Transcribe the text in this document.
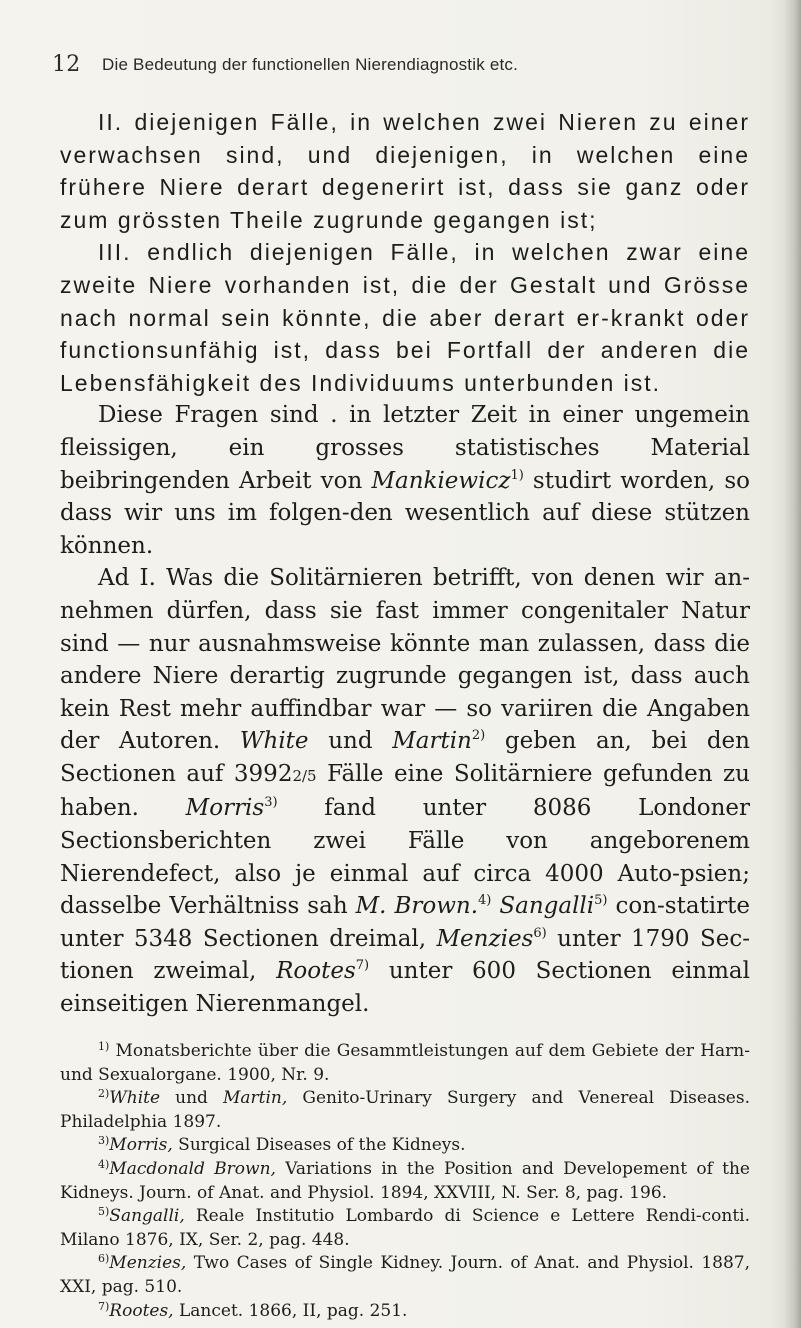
12 Die Bedeutung der functionellen Nierendiagnostik etc.

II. diejenigen Fälle, in welchen zwei Nieren zu einer verwachsen sind, und diejenigen, in welchen eine frühere Niere derart degenerirt ist, dass sie ganz oder zum grössten Theile zugrunde gegangen ist;

III. endlich diejenigen Fälle, in welchen zwar eine zweite Niere vorhanden ist, die der Gestalt und Grösse nach normal sein könnte, die aber derart er-krankt oder functionsunfähig ist, dass bei Fortfall der anderen die Lebensfähigkeit des Individuums unterbunden ist.

Diese Fragen sind . in letzter Zeit in einer ungemein fleissigen, ein grosses statistisches Material beibringenden Arbeit von Mankiewicz$^{1)}$ studirt worden, so dass wir uns im folgen-den wesentlich auf diese stützen können.

Ad I. Was die Solitärnieren betrifft, von denen wir an-nehmen dürfen, dass sie fast immer congenitaler Natur sind — nur ausnahmsweise könnte man zulassen, dass die andere Niere derartig zugrunde gegangen ist, dass auch kein Rest mehr auffindbar war — so variiren die Angaben der Autoren. White und Martin$^{2)}$ geben an, bei den Sectionen auf 39922/5 Fälle eine Solitärniere gefunden zu haben. Morris$^{3)}$ fand unter 8086 Londoner Sectionsberichten zwei Fälle von angeborenem Nierendefect, also je einmal auf circa 4000 Auto-psien; dasselbe Verhältniss sah M. Brown.$^{4)}$ Sangalli$^{5)}$ con-statirte unter 5348 Sectionen dreimal, Menzies$^{6)}$ unter 1790 Sec-tionen zweimal, Rootes$^{7)}$ unter 600 Sectionen einmal einseitigen Nierenmangel.

$^{1)}$ Monatsberichte über die Gesammtleistungen auf dem Gebiete der Harn- und Sexualorgane. 1900, Nr. 9.

$^{2)}$White und Martin, Genito-Urinary Surgery and Venereal Diseases. Philadelphia 1897.

$^{3)}$Morris, Surgical Diseases of the Kidneys.

$^{4)}$Macdonald Brown, Variations in the Position and Developement of the Kidneys. Journ. of Anat. and Physiol. 1894, XXVIII, N. Ser. 8, pag. 196.

$^{5)}$Sangalli, Reale Institutio Lombardo di Science e Lettere Rendi-conti. Milano 1876, IX, Ser. 2, pag. 448.

$^{6)}$Menzies, Two Cases of Single Kidney. Journ. of Anat. and Physiol. 1887, XXI, pag. 510.

$^{7)}$Rootes, Lancet. 1866, II, pag. 251.
